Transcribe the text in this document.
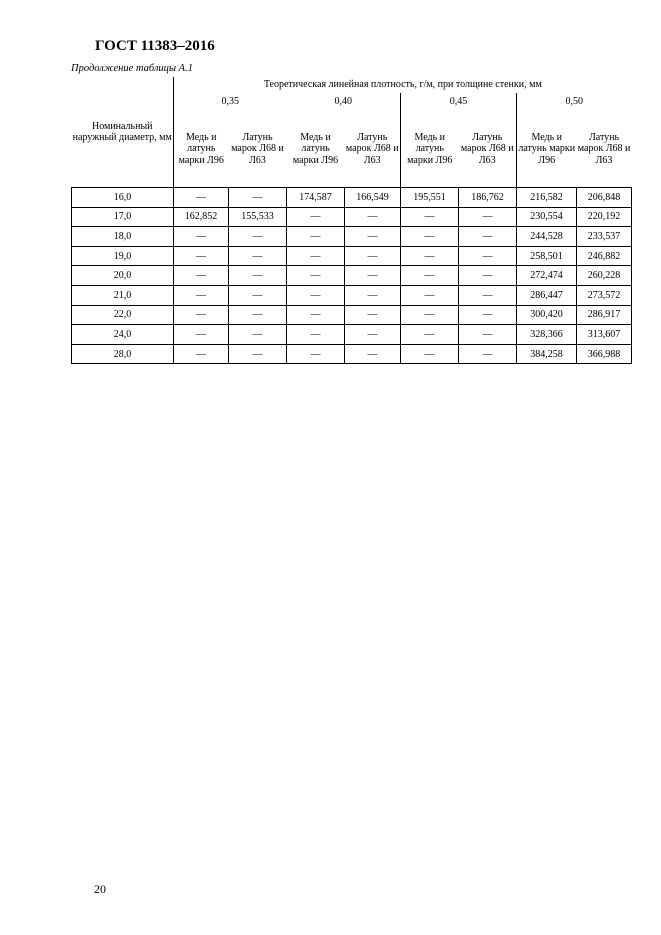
ГОСТ 11383–2016
Продолжение таблицы А.1
Номинальный наружный диаметр, мм	Теоретическая линейная плотность, г/м, при толщине стенки, мм							
	0,35		0,40		0,45		0,50	
	Медь и латунь марки Л96	Латунь марок Л68 и Л63	Медь и латунь марки Л96	Латунь марок Л68 и Л63	Медь и латунь марки Л96	Латунь марок Л68 и Л63	Медь и латунь марки Л96	Латунь марок Л68 и Л63
16,0	—	—	174,587	166,549	195,551	186,762	216,582	206,848
17,0	162,852	155,533	—	—	—	—	230,554	220,192
18,0	—	—	—	—	—	—	244,528	233,537
19,0	—	—	—	—	—	—	258,501	246,882
20,0	—	—	—	—	—	—	272,474	260,228
21,0	—	—	—	—	—	—	286,447	273,572
22,0	—	—	—	—	—	—	300,420	286,917
24,0	—	—	—	—	—	—	328,366	313,607
28,0	—	—	—	—	—	—	384,258	366,988
20
